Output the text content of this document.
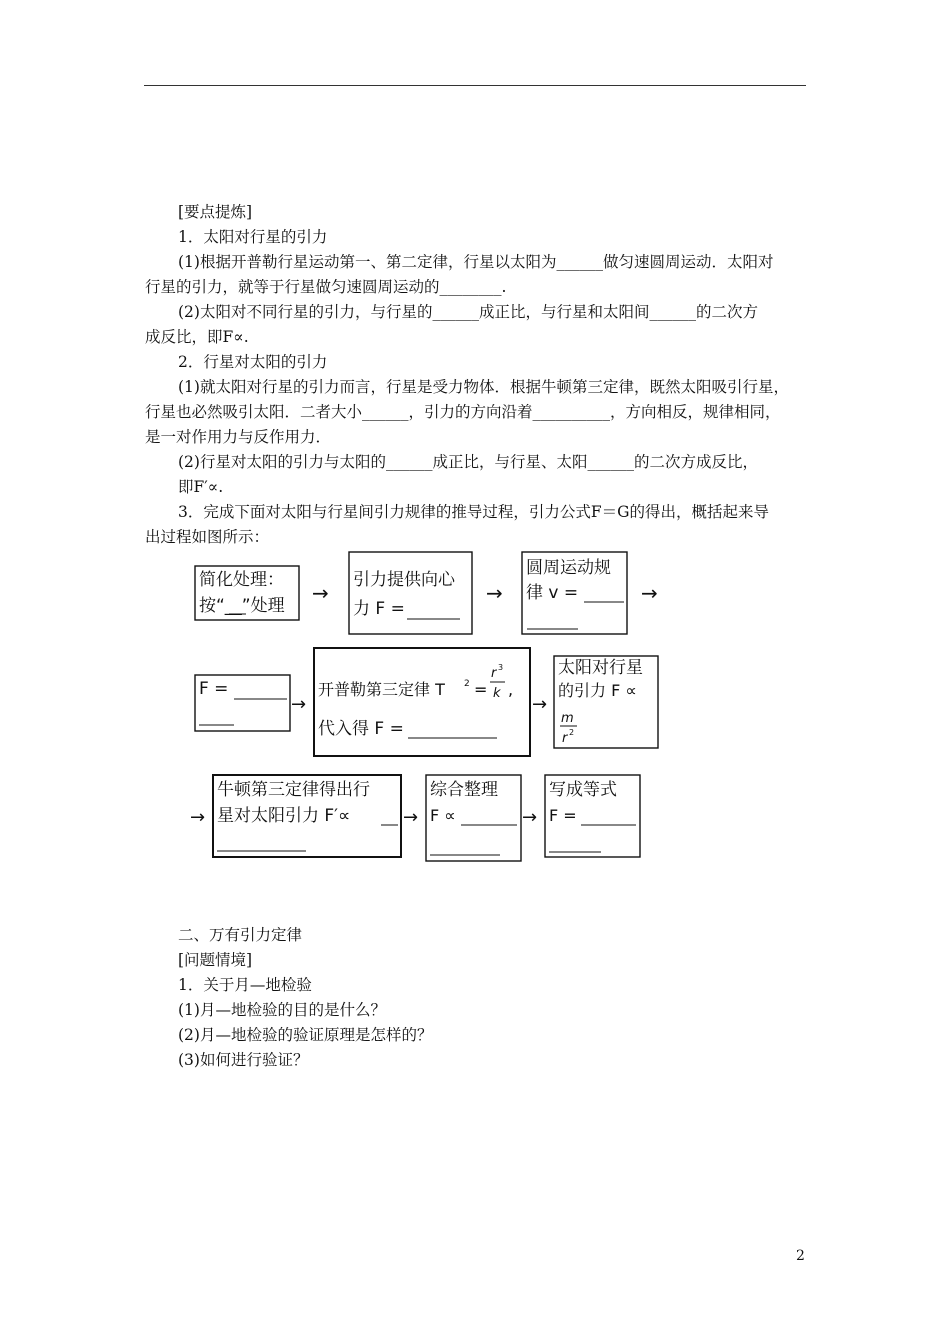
[要点提炼]
1．太阳对行星的引力
(1)根据开普勒行星运动第一、第二定律，行星以太阳为______做匀速圆周运动．太阳对
行星的引力，就等于行星做匀速圆周运动的________.
(2)太阳对不同行星的引力，与行星的______成正比，与行星和太阳间______的二次方
成反比，即F∝.
2．行星对太阳的引力
(1)就太阳对行星的引力而言，行星是受力物体．根据牛顿第三定律，既然太阳吸引行星，
行星也必然吸引太阳．二者大小______，引力的方向沿着__________，方向相反，规律相同，
是一对作用力与反作用力．
(2)行星对太阳的引力与太阳的______成正比，与行星、太阳______的二次方成反比，
即F′∝.
3．完成下面对太阳与行星间引力规律的推导过程，引力公式F＝G的得出，概括起来导
出过程如图所示：
→	→	→
→	→
→	→	→
简化处理：
按“__”处理
引力提供向心
力 F =
圆周运动规
律 v =
F =	开普勒第三定律 T 2 =
r 3
k ,
代入得 F =
太阳对行星
的引力 F ∝
m
r 2
牛顿第三定律得出行
星对太阳引力 F′∝
综合整理
F ∝
写成等式
F =
二、万有引力定律
[问题情境]
1．关于月—地检验
(1)月—地检验的目的是什么？
(2)月—地检验的验证原理是怎样的？
(3)如何进行验证？
2
